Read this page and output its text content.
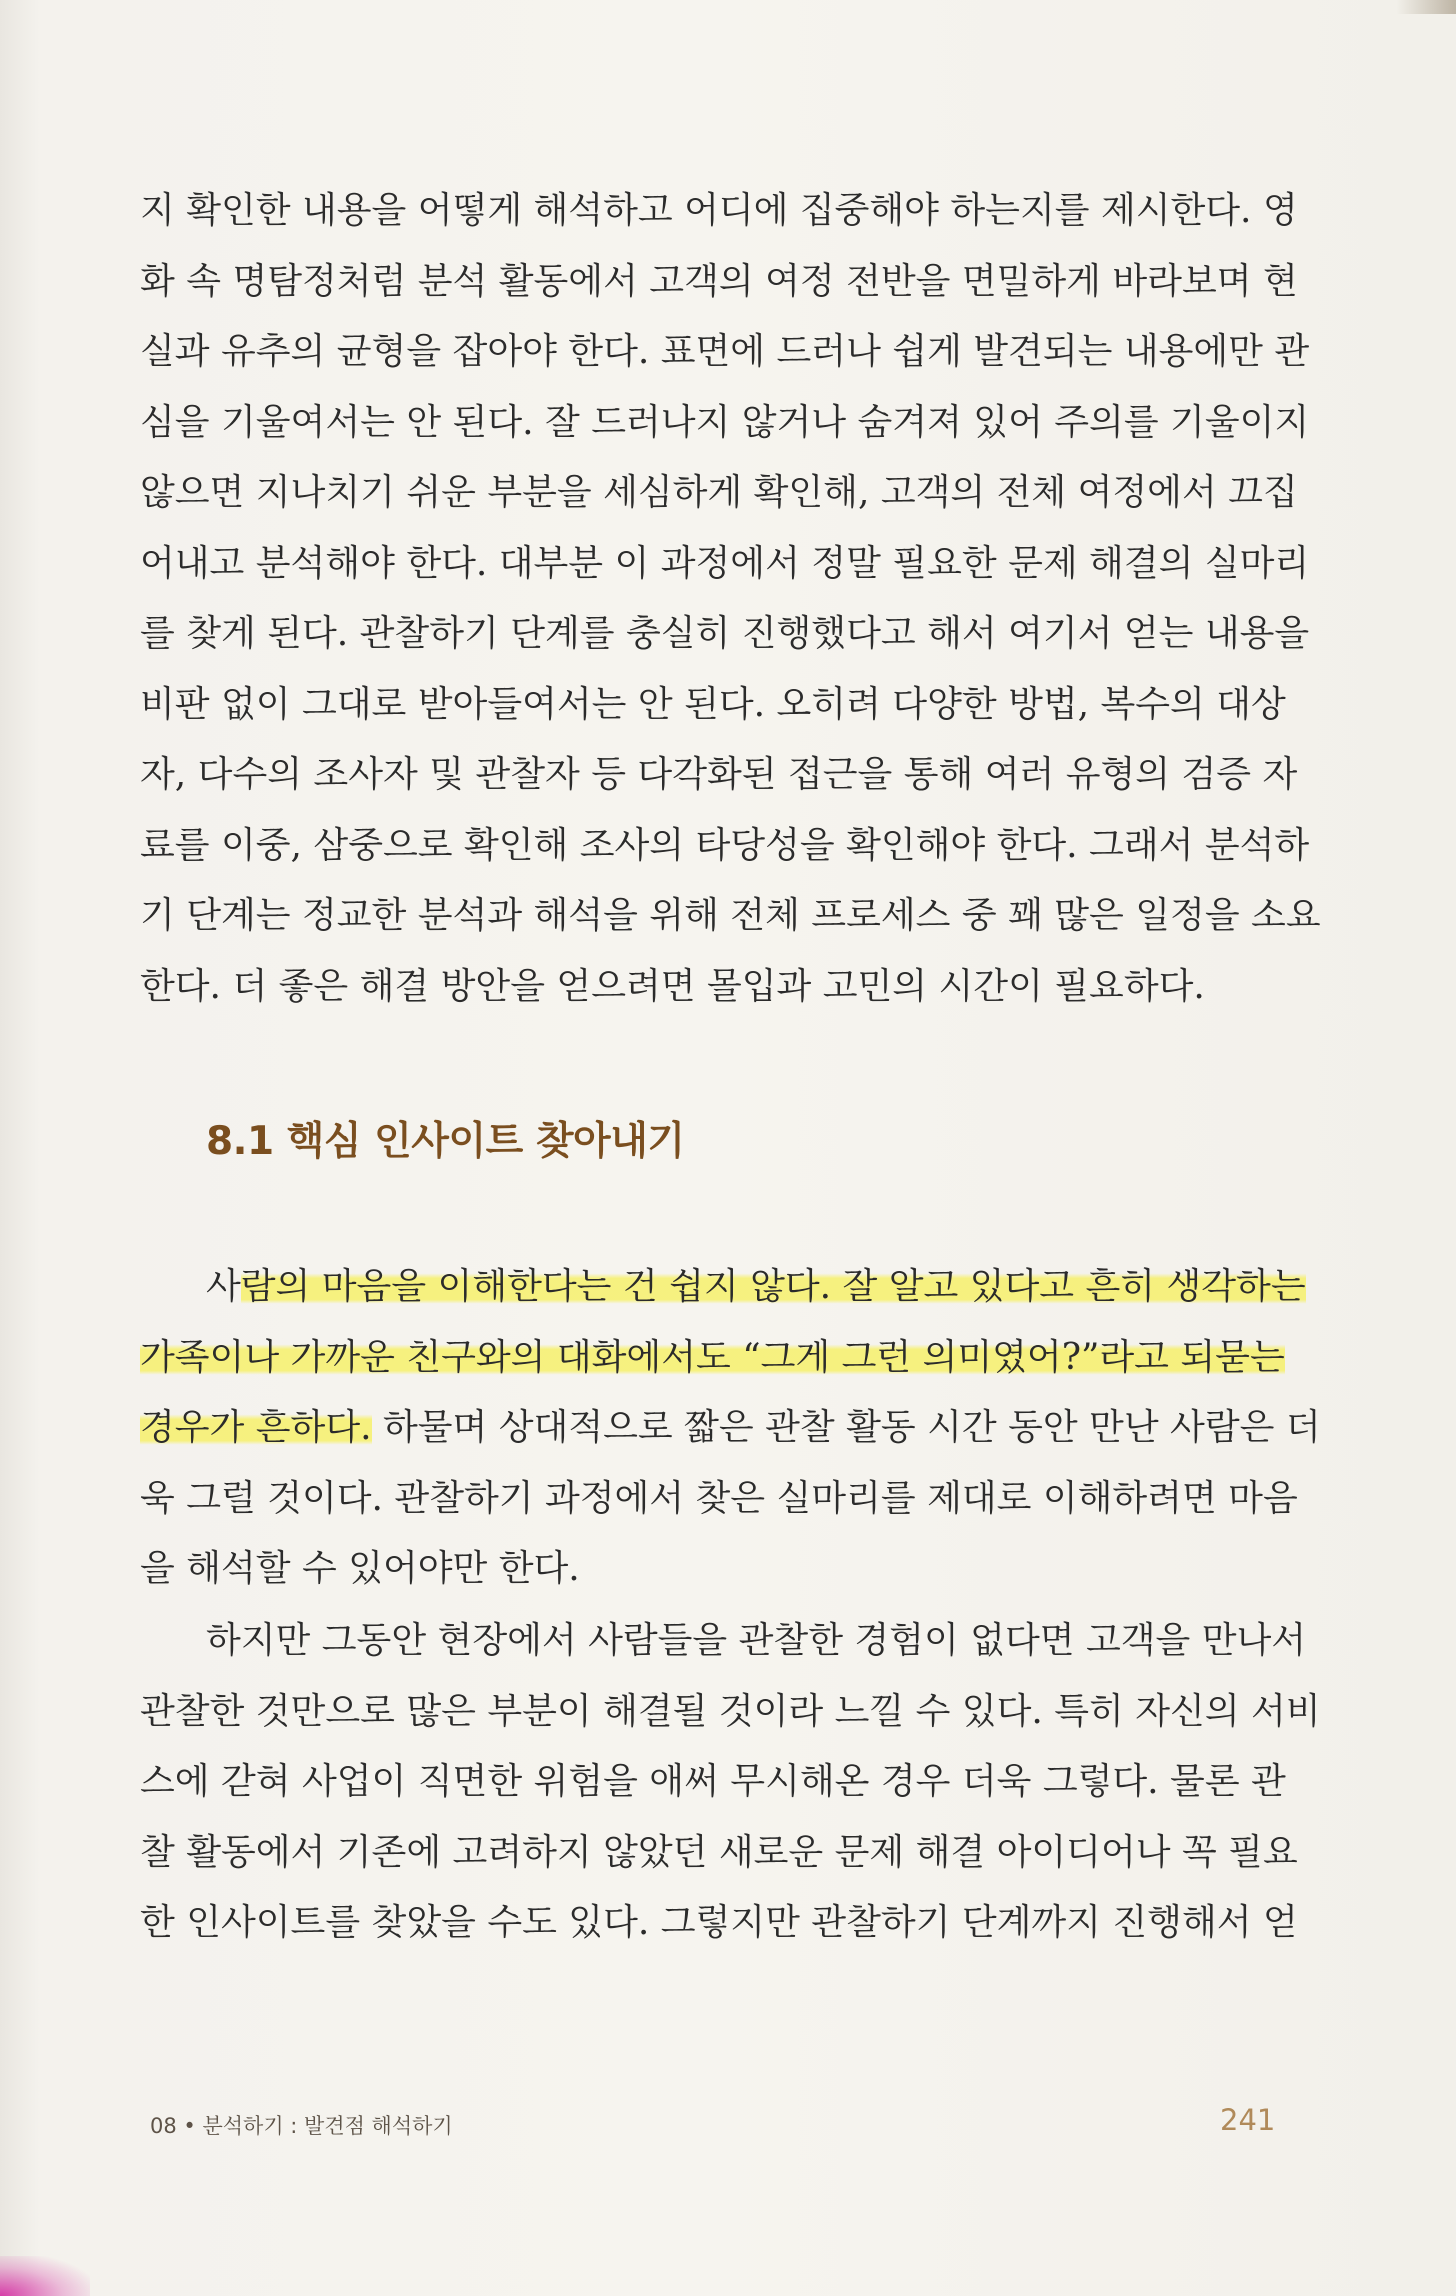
지 확인한 내용을 어떻게 해석하고 어디에 집중해야 하는지를 제시한다. 영
화 속 명탐정처럼 분석 활동에서 고객의 여정 전반을 면밀하게 바라보며 현
실과 유추의 균형을 잡아야 한다. 표면에 드러나 쉽게 발견되는 내용에만 관
심을 기울여서는 안 된다. 잘 드러나지 않거나 숨겨져 있어 주의를 기울이지
않으면 지나치기 쉬운 부분을 세심하게 확인해, 고객의 전체 여정에서 끄집
어내고 분석해야 한다. 대부분 이 과정에서 정말 필요한 문제 해결의 실마리
를 찾게 된다. 관찰하기 단계를 충실히 진행했다고 해서 여기서 얻는 내용을
비판 없이 그대로 받아들여서는 안 된다. 오히려 다양한 방법, 복수의 대상
자, 다수의 조사자 및 관찰자 등 다각화된 접근을 통해 여러 유형의 검증 자
료를 이중, 삼중으로 확인해 조사의 타당성을 확인해야 한다. 그래서 분석하
기 단계는 정교한 분석과 해석을 위해 전체 프로세스 중 꽤 많은 일정을 소요
한다. 더 좋은 해결 방안을 얻으려면 몰입과 고민의 시간이 필요하다.
8.1 핵심 인사이트 찾아내기
사람의 마음을 이해한다는 건 쉽지 않다. 잘 알고 있다고 흔히 생각하는
가족이나 가까운 친구와의 대화에서도 “그게 그런 의미였어?”라고 되묻는
경우가 흔하다. 하물며 상대적으로 짧은 관찰 활동 시간 동안 만난 사람은 더
욱 그럴 것이다. 관찰하기 과정에서 찾은 실마리를 제대로 이해하려면 마음
을 해석할 수 있어야만 한다.
하지만 그동안 현장에서 사람들을 관찰한 경험이 없다면 고객을 만나서
관찰한 것만으로 많은 부분이 해결될 것이라 느낄 수 있다. 특히 자신의 서비
스에 갇혀 사업이 직면한 위험을 애써 무시해온 경우 더욱 그렇다. 물론 관
찰 활동에서 기존에 고려하지 않았던 새로운 문제 해결 아이디어나 꼭 필요
한 인사이트를 찾았을 수도 있다. 그렇지만 관찰하기 단계까지 진행해서 얻
08 • 분석하기 : 발견점 해석하기	241
